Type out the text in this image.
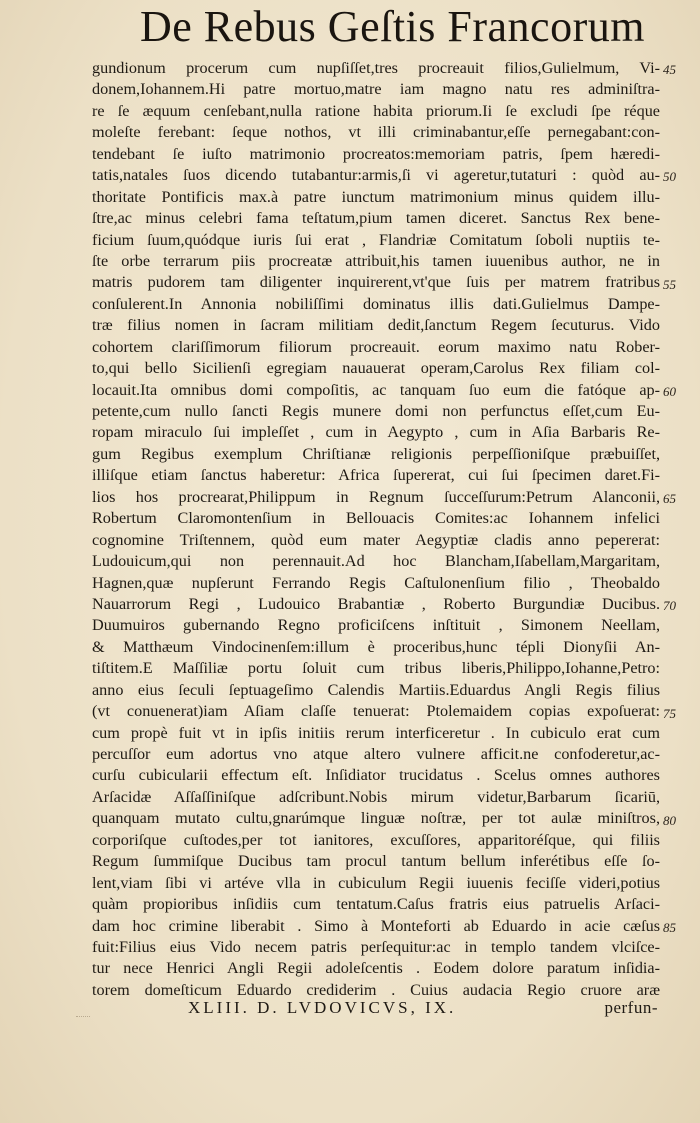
De Rebus Geſtis Francorum
gundionum procerum cum nupſiſſet,tres procreauit filios,Gulielmum, Vi-
donem,Iohannem.Hi patre mortuo,matre iam magno natu res adminiſtra-
re ſe æquum cenſebant,nulla ratione habita priorum.Ii ſe excludi ſpe réque
moleſte ferebant: ſeque nothos, vt illi criminabantur,eſſe pernegabant:con-
tendebant ſe iuſto matrimonio procreatos:memoriam patris, ſpem hæredi-
tatis,natales ſuos dicendo tutabantur:armis,ſi vi ageretur,tutaturi : quòd au-
thoritate Pontificis max.à patre iunctum matrimonium minus quidem illu-
ſtre,ac minus celebri fama teſtatum,pium tamen diceret. Sanctus Rex bene-
ficium ſuum,quódque iuris ſui erat , Flandriæ Comitatum ſoboli nuptiis te-
ſte orbe terrarum piis procreatæ attribuit,his tamen iuuenibus author, ne in
matris pudorem tam diligenter inquirerent,vt'que ſuis per matrem fratribus
conſulerent.In Annonia nobiliſſimi dominatus illis dati.Gulielmus Dampe-
træ filius nomen in ſacram militiam dedit,ſanctum Regem ſecuturus. Vido
cohortem clariſſimorum filiorum procreauit. eorum maximo natu Rober-
to,qui bello Sicilienſi egregiam nauauerat operam,Carolus Rex filiam col-
locauit.Ita omnibus domi compoſitis, ac tanquam ſuo eum die fatóque ap-
petente,cum nullo ſancti Regis munere domi non perfunctus eſſet,cum Eu-
ropam miraculo ſui impleſſet , cum in Aegypto , cum in Aſia Barbaris Re-
gum Regibus exemplum Chriſtianæ religionis perpeſſioniſque præbuiſſet,
illiſque etiam ſanctus haberetur: Africa ſupererat, cui ſui ſpecimen daret.Fi-
lios hos procrearat,Philippum in Regnum ſucceſſurum:Petrum Alanconii,
Robertum Claromontenſium in Bellouacis Comites:ac Iohannem infelici
cognomine Triſtennem, quòd eum mater Aegyptiæ cladis anno pepererat:
Ludouicum,qui non perennauit.Ad hoc Blancham,Iſabellam,Margaritam,
Hagnen,quæ nupſerunt Ferrando Regis Caſtulonenſium filio , Theobaldo
Nauarrorum Regi , Ludouico Brabantiæ , Roberto Burgundiæ Ducibus.
Duumuiros gubernando Regno proficiſcens inſtituit , Simonem Neellam,
& Matthæum Vindocinenſem:illum è proceribus,hunc tépli Dionyſii An-
tiſtitem.E Maſſiliæ portu ſoluit cum tribus liberis,Philippo,Iohanne,Petro:
anno eius ſeculi ſeptuageſimo Calendis Martiis.Eduardus Angli Regis filius
(vt conuenerat)iam Aſiam claſſe tenuerat: Ptolemaidem copias expoſuerat:
cum propè fuit vt in ipſis initiis rerum interficeretur . In cubiculo erat cum
percuſſor eum adortus vno atque altero vulnere afficit.ne confoderetur,ac-
curſu cubicularii effectum eſt. Inſidiator trucidatus . Scelus omnes authores
Arſacidæ Aſſaſſiniſque adſcribunt.Nobis mirum videtur,Barbarum ſicariū,
quanquam mutato cultu,gnarúmque linguæ noſtræ, per tot aulæ miniſtros,
corporiſque cuſtodes,per tot ianitores, excuſſores, apparitoréſque, qui filiis
Regum ſummiſque Ducibus tam procul tantum bellum inferétibus eſſe ſo-
lent,viam ſibi vi artéve vlla in cubiculum Regii iuuenis feciſſe videri,potius
quàm propioribus inſidiis cum tentatum.Caſus fratris eius patruelis Arſaci-
dam hoc crimine liberabit . Simo à Monteforti ab Eduardo in acie cæſus
fuit:Filius eius Vido necem patris perſequitur:ac in templo tandem vlciſce-
tur nece Henrici Angli Regii adoleſcentis . Eodem dolore paratum inſidia-
torem domeſticum Eduardo crediderim . Cuius audacia Regio cruore aræ
45
50
55
60
65
70
75
80
85
XLIII. D. LVDOVICVS, IX.	perfun-
